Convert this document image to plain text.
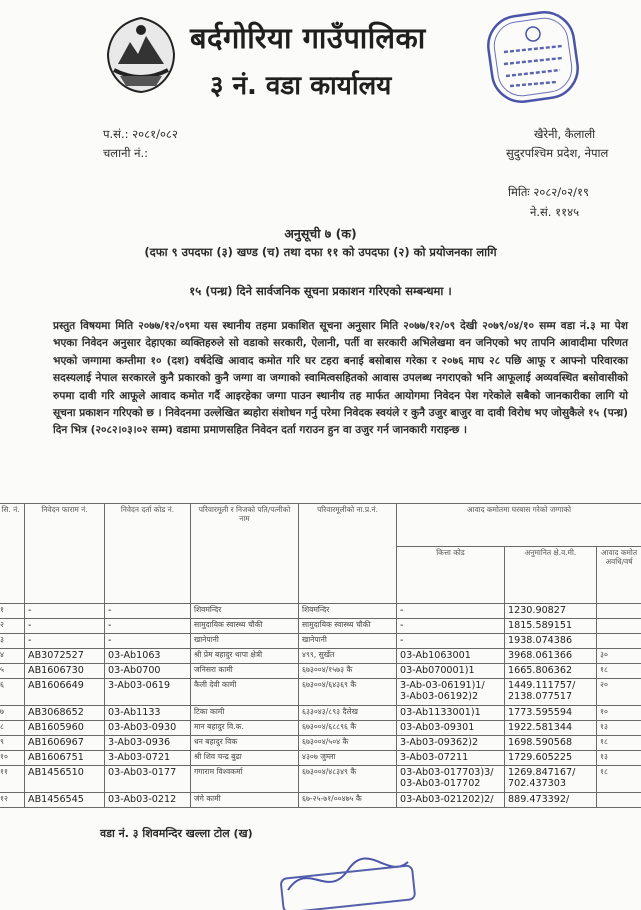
बर्दगोरिया गाउँपालिका
३ नं. वडा कार्यालय
प.सं.: २०८१/०८२
चलानी नं.:
खैरेनी, कैलाली
सुदुरपश्चिम प्रदेश, नेपाल
मितिः २०८२/०२/१९
ने.सं. ११४५
अनुसूची ७ (क)
(दफा ९ उपदफा (३) खण्ड (च) तथा दफा ११ को उपदफा (२) को प्रयोजनका लागि
१५ (पन्ध्र) दिने सार्वजनिक सूचना प्रकाशन गरिएको सम्बन्धमा ।
प्रस्तुत विषयमा मिति २०७७/१२/०९मा यस स्थानीय तहमा प्रकाशित सूचना अनुसार मिति २०७७/१२/०९ देखी २०७९/०४/१० सम्म वडा नं.३ मा पेश भएका निवेदन अनुसार देहाएका व्यक्तिहरुले सो वडाको सरकारी, ऐलानी, पर्ती वा सरकारी अभिलेखमा वन जनिएको भए तापनि आवादीमा परिणत भएको जग्गामा कम्तीमा १० (दश) वर्षदेखि आवाद कमोत गरि घर टहरा बनाई बसोबास गरेका र २०७६ माघ २८ पछि आफू र आफ्नो परिवारका सदस्यलाई नेपाल सरकारले कुनै प्रकारको कुनै जग्गा वा जग्गाको स्वामित्वसहितको आवास उपलब्ध नगराएको भनि आफूलाई अव्यवस्थित बसोवासीको रुपमा दावी गरि आफूले आवाद कमोत गर्दै आइरहेका जग्गा पाउन स्थानीय तह मार्फत आयोगमा निवेदन पेश गरेकोले सबैको जानकारीका लागि यो सूचना प्रकाशन गरिएको छ । निवेदनमा उल्लेखित ब्यहोरा संशोधन गर्नु परेमा निवेदक स्वयंले र कुनै उजुर बाजुर वा दावी विरोध भए जोसुकैले १५ (पन्ध्र) दिन भित्र (२०८२।०३।०२ सम्म) वडामा प्रमाणसहित निवेदन दर्ता गराउन हुन वा उजुर गर्न जानकारी गराइन्छ ।
सि. नं.	निवेदन फाराम नं.	निवेदन दर्ता कोड नं.	परिवारमूली र निजको पति/पत्नीको नाम	परिवारमूलीको ना.प्र.नं.	आवाद कमोतमा घरबास गरेको जग्गाको		
					कित्ता कोड	अनुमानित क्षे.व.मी.	आवाद कमोत अवधि/वर्ष
१	-	-	शिवमन्दिर	शिवमन्दिर	-	1230.90827	
२	-	-	सामुदायिक स्वास्थ्य चौकी	सामुदायिक स्वास्थ्य चौकी	-	1815.589151	
३	-	-	खानेपानी	खानेपानी	-	1938.074386	
४	AB3072527	03-Ab1063	श्री प्रेम बहादुर थापा क्षेत्री	४९९, सुर्खेत	03-Ab1063001	3968.061366	३०
५	AB1606730	03-Ab0700	जनिसरा कामी	६७३००४/१५७३ कै	03-Ab070001)1	1665.806362	१८
६	AB1606649	3-Ab03-0619	कैली देवी कामी	६७३००४/६४३६९ कै	3-Ab-03-06191)1/
3-Ab03-06192)2	1449.111757/
2138.077517	२०
७	AB3068652	03-Ab1133	टिका कामी	६३३०४३/८९३ दैलेख	03-Ab1133001)1	1773.595594	१०
८	AB1605960	03-Ab03-0930	मान बहादुर वि.क.	६७३००४/६८८९६ कै	03-Ab03-09301	1922.581344	१३
९	AB1606967	3-Ab03-0936	धन बहादुर विक	६७३००४/५०४ कै	3-Ab03-09362)2	1698.590568	१८
१०	AB1606751	3-Ab03-0721	श्री शिव चन्द्र बुढा	४३०७ जुम्ला	3-Ab03-07211	1729.605225	१३
११	AB1456510	03-Ab03-0177	गगाराम विश्वकर्मा	६७३००४/४८३४९ कै	03-Ab03-017703)3/
03-Ab03-017702	1269.847167/
702.437303	१८
१२	AB1456545	03-Ab03-0212	जंगे कामी	६७-२५-७१/००४७५ कै	03-Ab03-021202)2/	889.473392/	
वडा नं. ३ शिवमन्दिर खल्ला टोल (ख)
